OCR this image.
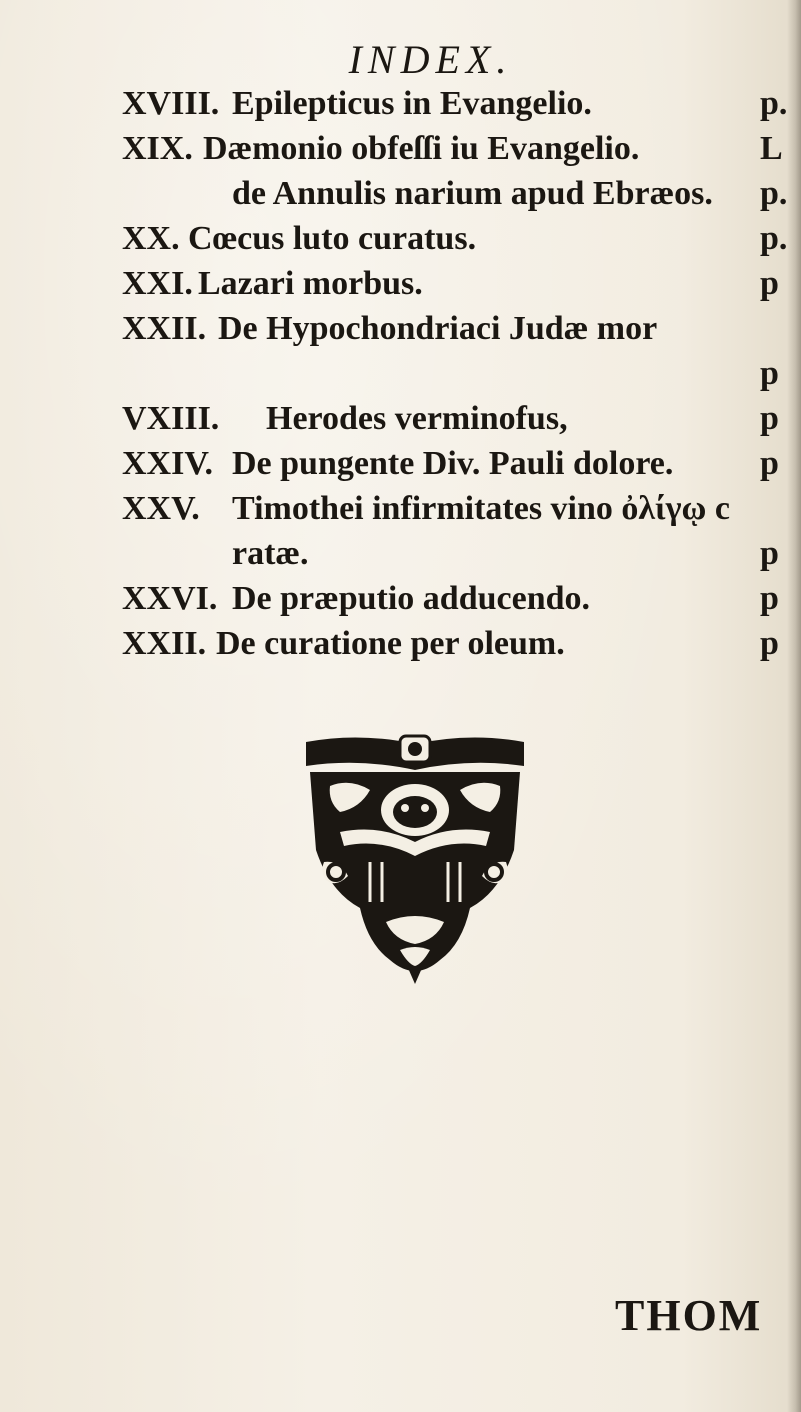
INDEX.
XVIII. Epilepticus in Evangelio.	p.
XIX. Dæmonio obfeſſi iu Evangelio.	L
de Annulis narium apud Ebræos. p.
XX. Cœcus luto curatus.	p.
XXI. Lazari morbus.	p
XXII. De Hypochondriaci Judæ mor
p
VXIII. Herodes verminofus,	p
XXIV. De pungente Div. Pauli dolore.	p
XXV. Timothei infirmitates vino ὀλίγῳ c
ratæ.	p
XXVI. De præputio adducendo.	p
XXII. De curatione per oleum.	p
THOM
